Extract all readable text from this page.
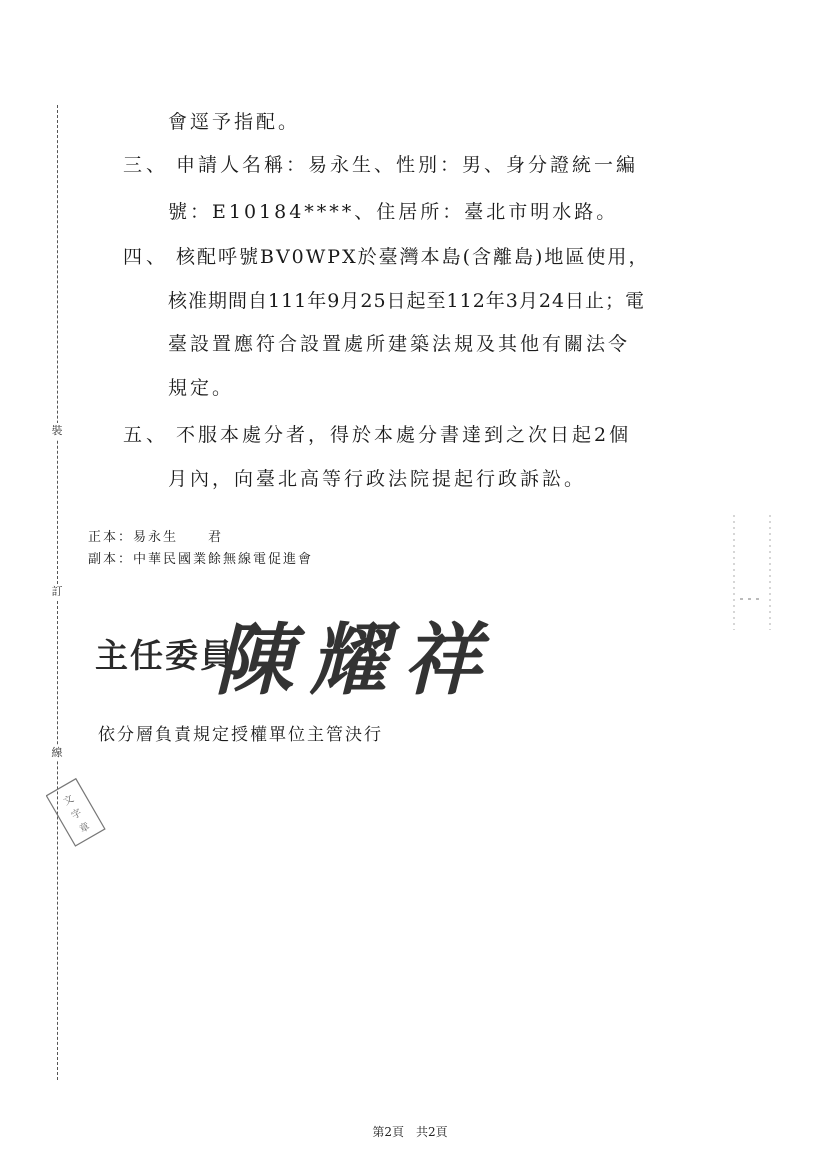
裝
訂
線
會逕予指配。
三、 申請人名稱：易永生、性別：男、身分證統一編
號：E10184****、住居所：臺北市明水路。
四、 核配呼號BV0WPX於臺灣本島(含離島)地區使用，
核准期間自111年9月25日起至112年3月24日止；電
臺設置應符合設置處所建築法規及其他有關法令
規定。
五、 不服本處分者，得於本處分書達到之次日起2個
月內，向臺北高等行政法院提起行政訴訟。
正本：易永生　　君
副本：中華民國業餘無線電促進會
主任委員
陳耀祥
依分層負責規定授權單位主管決行
文
字
章
第2頁　共2頁
